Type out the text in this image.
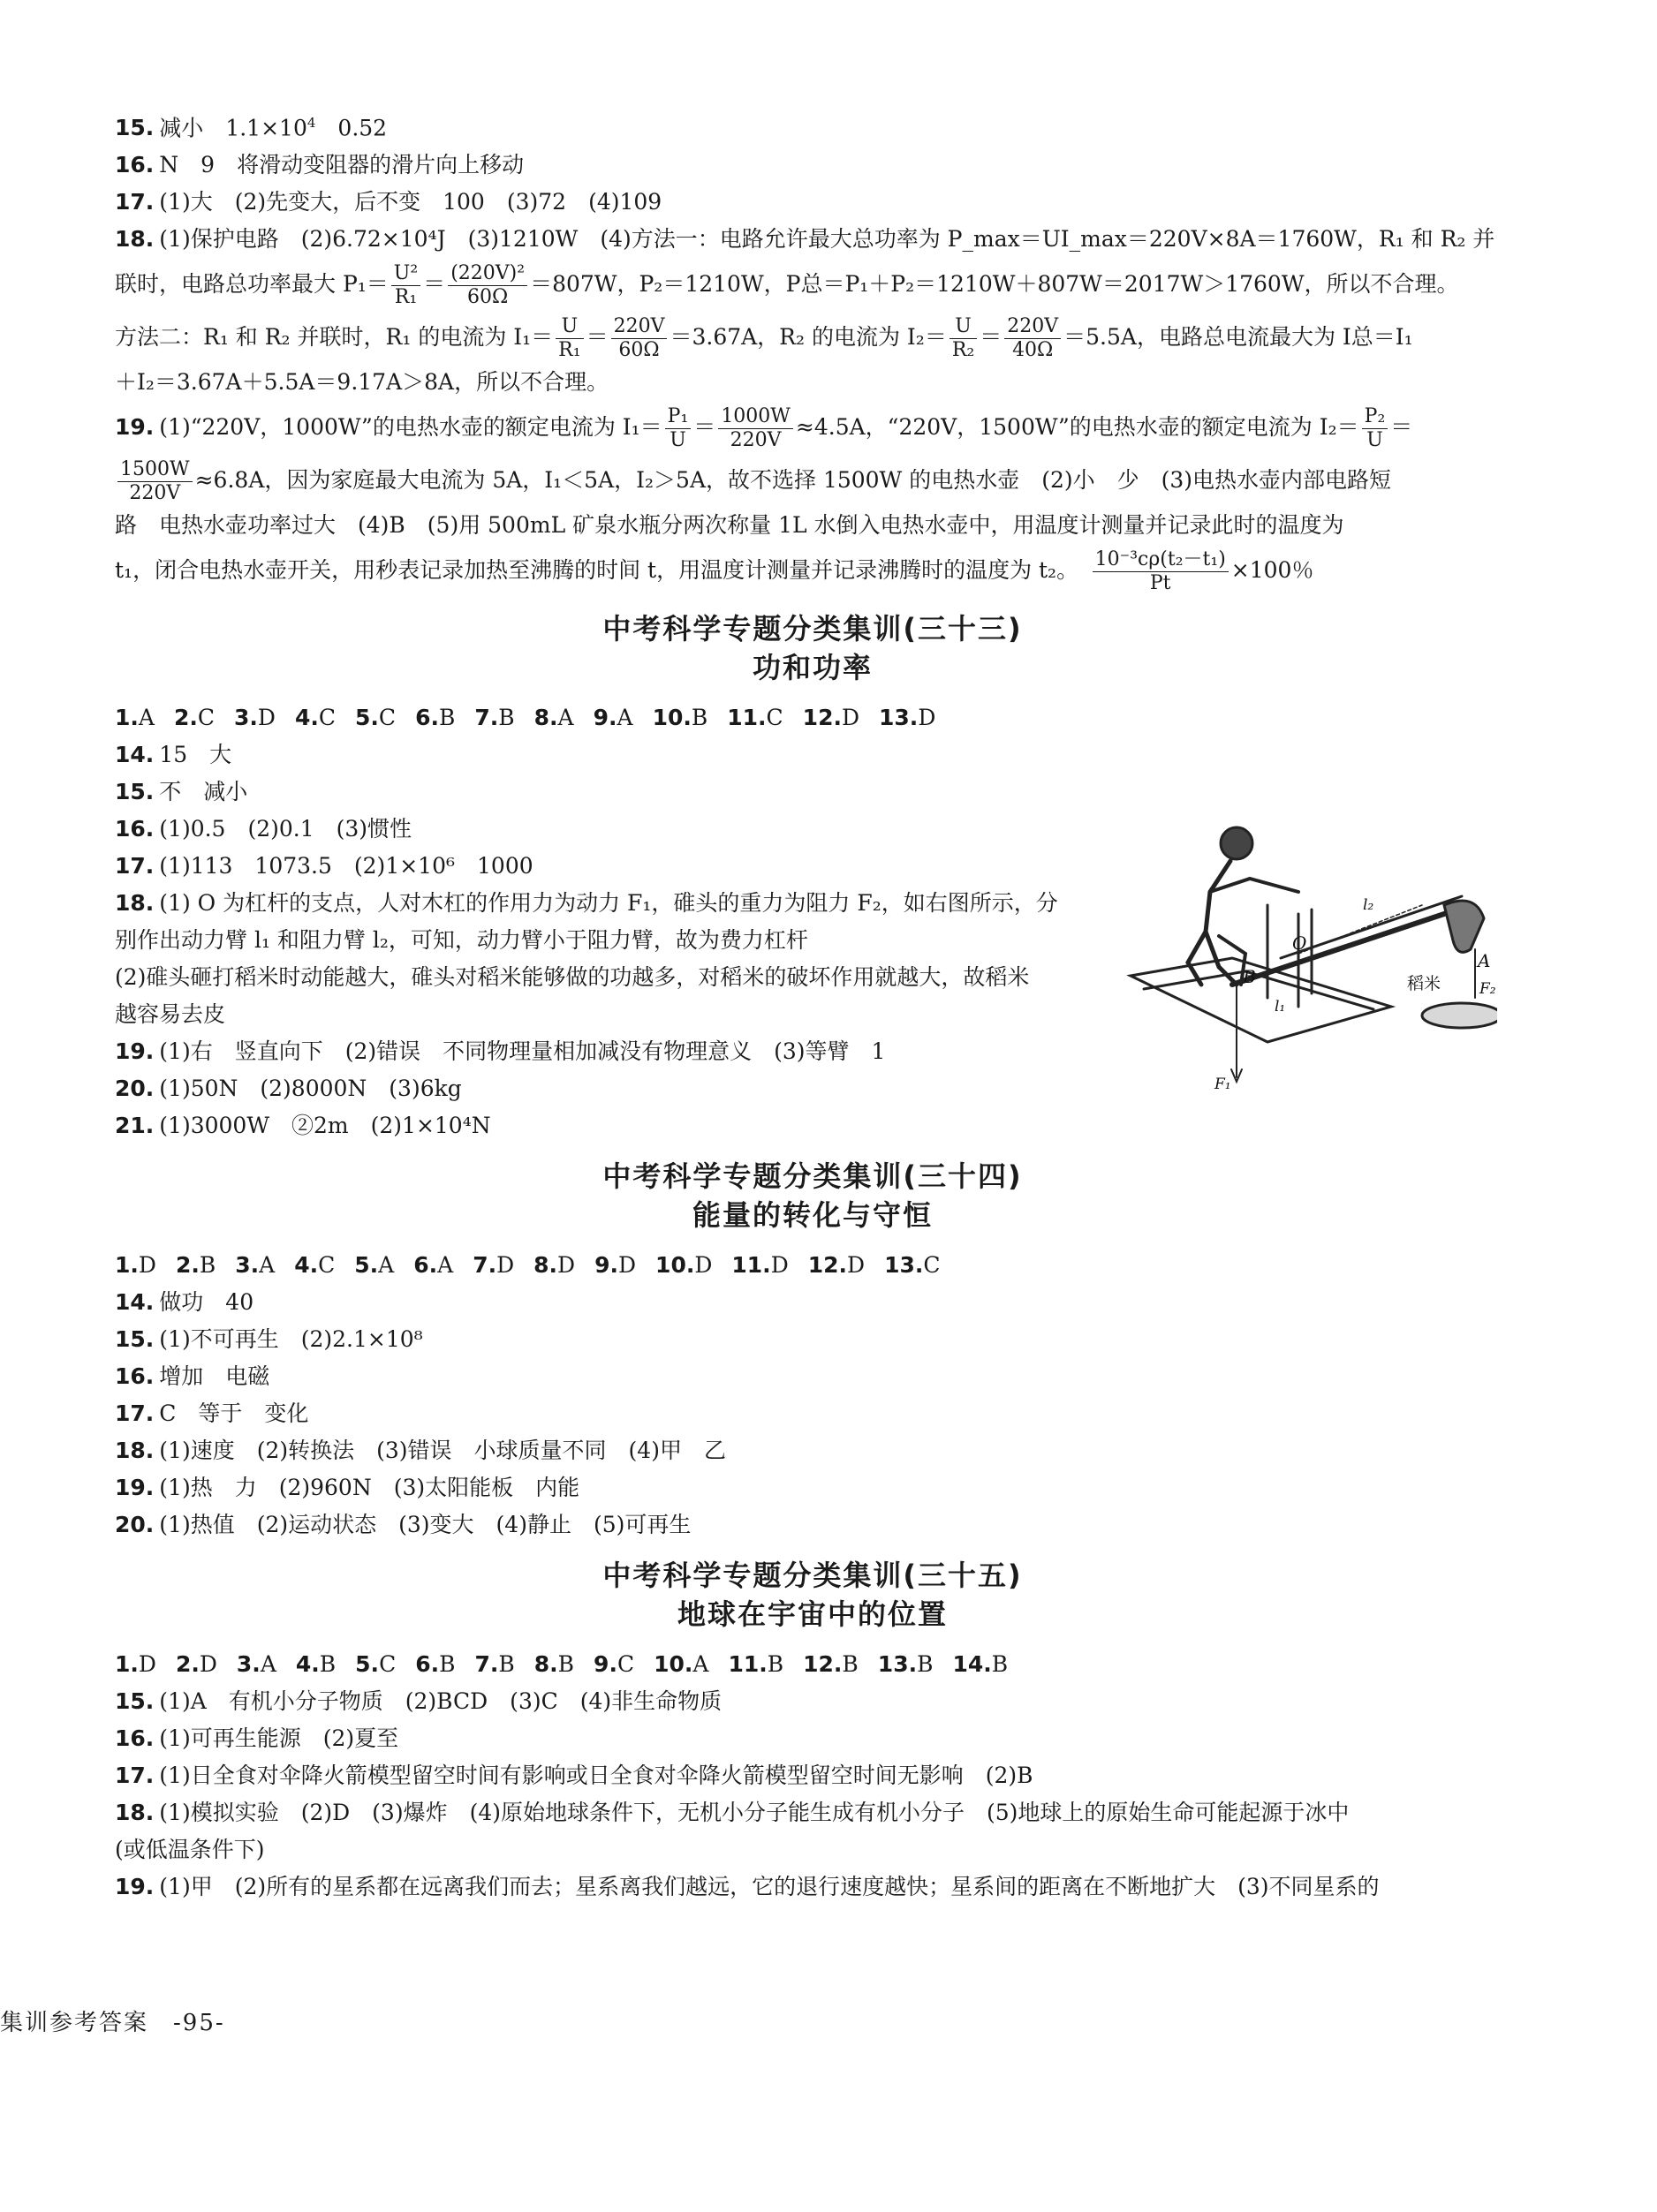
15. 减小　 $1.1\times 10^4$　 0.52
16. N　9　将滑动变阻器的滑片向上移动
17. (1)大　(2)先变大，后不变　100　(3)72　(4)109
18. (1)保护电路　(2)6.72×10⁴J　(3)1210W　(4)方法一：电路允许最大总功率为 P_max＝UI_max＝220V×8A＝1760W，R₁ 和 R₂ 并
联时，电路总功率最大 $P_1= \frac{\text{U²}}{\text{R₁}} = \frac{\text{(220V)²}}{60\Omega} =807W$，P₂＝1210W，P总＝P₁＋P₂＝1210W＋807W＝2017W＞1760W，所以不合理。
方法二：R₁ 和 R₂ 并联时，R₁ 的电流为 $I_1= \frac{U}{\text{R₁}} = \frac{220V}{60\Omega} =3.67A$，R₂ 的电流为 $I_2= \frac{U}{\text{R₂}} = \frac{220V}{40\Omega} =5.5A$，电路总电流最大为 I总＝I₁
＋I₂＝3.67A＋5.5A＝9.17A＞8A，所以不合理。
19. (1)“220V，1000W”的电热水壶的额定电流为 $I_1= \frac{\text{P₁}}{U} = \frac{1000W}{220V} \approx 4.5A$，“220V，1500W”的电热水壶的额定电流为 $I_2= \frac{\text{P₂}}{U}$ ＝
$\frac{1500W}{220V} \approx 6.8A$，因为家庭最大电流为 5A，I₁＜5A，I₂＞5A，故不选择 1500W 的电热水壶　(2)小　少　(3)电热水壶内部电路短
路　电热水壶功率过大　(4)B　(5)用 500mL 矿泉水瓶分两次称量 1L 水倒入电热水壶中，用温度计测量并记录此时的温度为
t₁，闭合电热水壶开关，用秒表记录加热至沸腾的时间 t，用温度计测量并记录沸腾时的温度为 t₂。　 $\frac{\text{10⁻³cρ(t₂－t₁)}}{Pt} \times 100$％
中考科学专题分类集训(三十三)
功和功率
1.A 2.C 3.D 4.C 5.C 6.B 7.B 8.A 9.A 10.B 11.C 12.D 13.D
14. 15　大
15. 不　减小
16. (1)0.5　(2)0.1　(3)惯性
17. (1)113　1073.5　(2)1×10⁶　1000
18. (1) O 为杠杆的支点，人对木杠的作用力为动力 F₁，碓头的重力为阻力 F₂，如右图所示，分
别作出动力臂 l₁ 和阻力臂 l₂，可知，动力臂小于阻力臂，故为费力杠杆
(2)碓头砸打稻米时动能越大，碓头对稻米能够做的功越多，对稻米的破坏作用就越大，故稻米
越容易去皮
19. (1)右　竖直向下　(2)错误　不同物理量相加减没有物理意义　(3)等臂　1
20. (1)50N　(2)8000N　(3)6kg
21. (1)3000W　②2m　(2)1×10⁴N
中考科学专题分类集训(三十四)
能量的转化与守恒
1.D 2.B 3.A 4.C 5.A 6.A 7.D 8.D 9.D 10.D 11.D 12.D 13.C
14. 做功　40
15. (1)不可再生　(2)2.1×10⁸
16. 增加　电磁
17. C　等于　变化
18. (1)速度　(2)转换法　(3)错误　小球质量不同　(4)甲　乙
19. (1)热　力　(2)960N　(3)太阳能板　内能
20. (1)热值　(2)运动状态　(3)变大　(4)静止　(5)可再生
中考科学专题分类集训(三十五)
地球在宇宙中的位置
1.D 2.D 3.A 4.B 5.C 6.B 7.B 8.B 9.C 10.A 11.B 12.B 13.B 14.B
15. (1)A　有机小分子物质　(2)BCD　(3)C　(4)非生命物质
16. (1)可再生能源　(2)夏至
17. (1)日全食对伞降火箭模型留空时间有影响或日全食对伞降火箭模型留空时间无影响　(2)B
18. (1)模拟实验　(2)D　(3)爆炸　(4)原始地球条件下，无机小分子能生成有机小分子　(5)地球上的原始生命可能起源于冰中
(或低温条件下)
19. (1)甲　(2)所有的星系都在远离我们而去；星系离我们越远，它的退行速度越快；星系间的距离在不断地扩大　(3)不同星系的
O
l₂
l₁
B
A
F₂
稻米
F₁
集训参考答案　-95-
